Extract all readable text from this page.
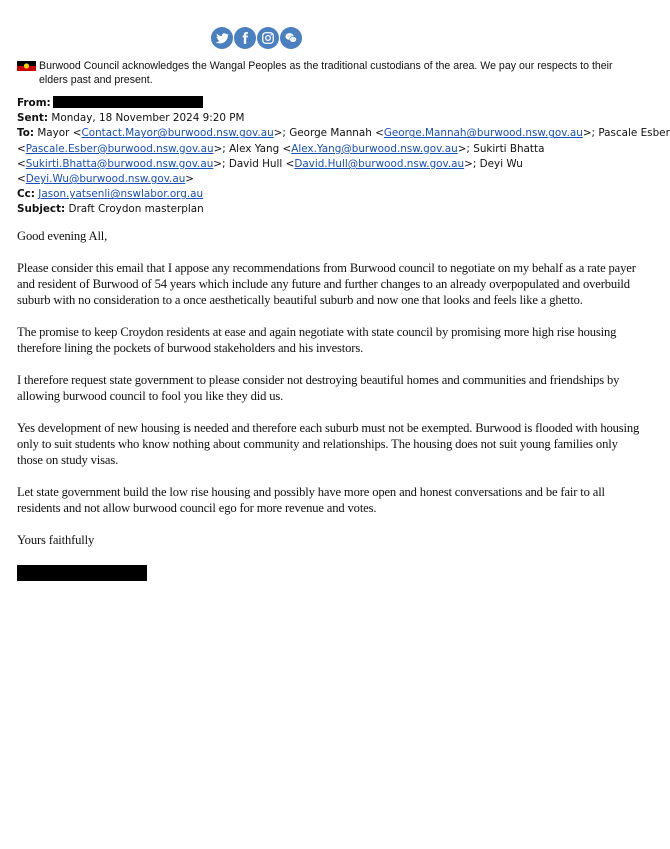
Burwood Council acknowledges the Wangal Peoples as the traditional custodians of the area. We pay our respects to their elders past and present.
From:
Sent: Monday, 18 November 2024 9:20 PM
To: Mayor <Contact.Mayor@burwood.nsw.gov.au>; George Mannah <George.Mannah@burwood.nsw.gov.au>; Pascale Esber
<Pascale.Esber@burwood.nsw.gov.au>; Alex Yang <Alex.Yang@burwood.nsw.gov.au>; Sukirti Bhatta
<Sukirti.Bhatta@burwood.nsw.gov.au>; David Hull <David.Hull@burwood.nsw.gov.au>; Deyi Wu
<Deyi.Wu@burwood.nsw.gov.au>
Cc: Jason.yatsenli@nswlabor.org.au
Subject: Draft Croydon masterplan

Good evening All,

Please consider this email that I appose any recommendations from Burwood council to negotiate on my behalf as a rate payer and resident of Burwood of 54 years which include any future and further changes to an already overpopulated and overbuild suburb with no consideration to a once aesthetically beautiful suburb and now one that looks and feels like a ghetto.

The promise to keep Croydon residents at ease and again negotiate with state council by promising more high rise housing therefore lining the pockets of burwood stakeholders and his investors.

I therefore request state government to please consider not destroying beautiful homes and communities and friendships by allowing burwood council to fool you like they did us.

Yes development of new housing is needed and therefore each suburb must not be exempted. Burwood is flooded with housing only to suit students who know nothing about community and relationships. The housing does not suit young families only those on study visas.

Let state government build the low rise housing and possibly have more open and honest conversations and be fair to all residents and not allow burwood council ego for more revenue and votes.

Yours faithfully
